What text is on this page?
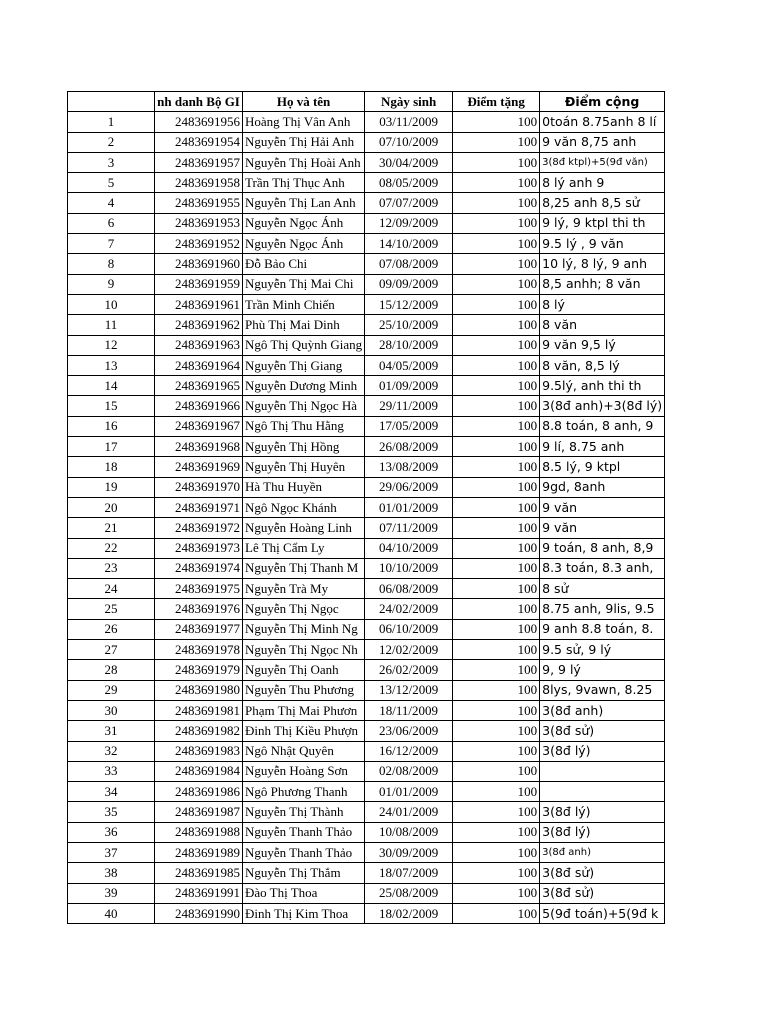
	nh danh Bộ GI	Họ và tên	Ngày sinh	Điểm tặng	Điểm cộng
1	2483691956	Hoàng Thị Vân Anh	03/11/2009	100	0toán 8.75anh 8 lí
2	2483691954	Nguyễn Thị Hải Anh	07/10/2009	100	9 văn 8,75 anh
3	2483691957	Nguyễn Thị Hoài Anh	30/04/2009	100	3(8đ ktpl)+5(9đ văn)
5	2483691958	Trần Thị Thục Anh	08/05/2009	100	8 lý anh 9
4	2483691955	Nguyễn Thị Lan Anh	07/07/2009	100	8,25 anh 8,5 sử
6	2483691953	Nguyễn Ngọc Ánh	12/09/2009	100	9 lý, 9 ktpl thi th
7	2483691952	Nguyễn Ngọc Ánh	14/10/2009	100	9.5 lý , 9 văn
8	2483691960	Đỗ Bảo Chi	07/08/2009	100	10 lý, 8 lý, 9 anh
9	2483691959	Nguyễn Thị Mai Chi	09/09/2009	100	8,5 anhh; 8 văn
10	2483691961	Trần Minh Chiến	15/12/2009	100	8 lý
11	2483691962	Phù Thị Mai Dinh	25/10/2009	100	8 văn
12	2483691963	Ngô Thị Quỳnh Giang	28/10/2009	100	9 văn 9,5 lý
13	2483691964	Nguyễn Thị Giang	04/05/2009	100	8 văn, 8,5 lý
14	2483691965	Nguyễn Dương Minh	01/09/2009	100	9.5lý, anh thi th
15	2483691966	Nguyễn Thị Ngọc Hà	29/11/2009	100	3(8đ anh)+3(8đ lý)
16	2483691967	Ngô Thị Thu Hằng	17/05/2009	100	8.8 toán, 8 anh, 9
17	2483691968	Nguyễn Thị Hồng	26/08/2009	100	9 lí, 8.75 anh
18	2483691969	Nguyễn Thị Huyên	13/08/2009	100	8.5 lý, 9 ktpl
19	2483691970	Hà Thu Huyền	29/06/2009	100	9gd, 8anh
20	2483691971	Ngô Ngọc Khánh	01/01/2009	100	9 văn
21	2483691972	Nguyễn Hoàng Linh	07/11/2009	100	9 văn
22	2483691973	Lê Thị Cẩm Ly	04/10/2009	100	9 toán, 8 anh, 8,9
23	2483691974	Nguyễn Thị Thanh M	10/10/2009	100	8.3 toán, 8.3 anh,
24	2483691975	Nguyễn Trà My	06/08/2009	100	8 sử
25	2483691976	Nguyễn Thị Ngọc	24/02/2009	100	8.75 anh, 9lis, 9.5
26	2483691977	Nguyễn Thị Minh Ng	06/10/2009	100	9 anh 8.8 toán, 8.
27	2483691978	Nguyễn Thị Ngọc Nh	12/02/2009	100	9.5 sử, 9 lý
28	2483691979	Nguyễn Thị Oanh	26/02/2009	100	9, 9 lý
29	2483691980	Nguyễn Thu Phương	13/12/2009	100	8lys, 9vawn, 8.25
30	2483691981	Phạm Thị Mai Phươn	18/11/2009	100	3(8đ anh)
31	2483691982	Đinh Thị Kiều Phượn	23/06/2009	100	3(8đ sử)
32	2483691983	Ngô Nhật Quyên	16/12/2009	100	3(8đ lý)
33	2483691984	Nguyễn Hoàng Sơn	02/08/2009	100	
34	2483691986	Ngô Phương Thanh	01/01/2009	100	
35	2483691987	Nguyễn Thị Thành	24/01/2009	100	3(8đ lý)
36	2483691988	Nguyễn Thanh Thảo	10/08/2009	100	3(8đ lý)
37	2483691989	Nguyễn Thanh Thảo	30/09/2009	100	3(8đ anh)
38	2483691985	Nguyễn Thị Thắm	18/07/2009	100	3(8đ sử)
39	2483691991	Đào Thị Thoa	25/08/2009	100	3(8đ sử)
40	2483691990	Đinh Thị Kim Thoa	18/02/2009	100	5(9đ toán)+5(9đ k
